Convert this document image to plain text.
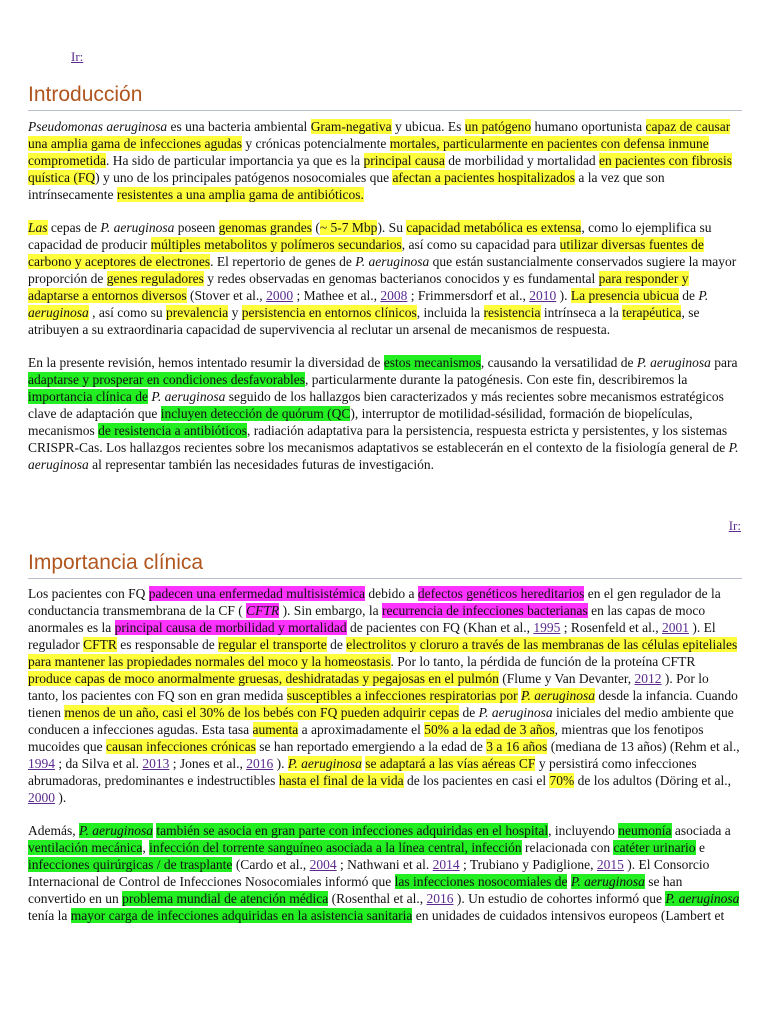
Ir:
Introducción

Pseudomonas aeruginosa es una bacteria ambiental Gram-negativa y ubicua. Es un patógeno humano oportunista capaz de causar una amplia gama de infecciones agudas y crónicas potencialmente mortales, particularmente en pacientes con defensa inmune comprometida. Ha sido de particular importancia ya que es la principal causa de morbilidad y mortalidad en pacientes con fibrosis quística (FQ) y uno de los principales patógenos nosocomiales que afectan a pacientes hospitalizados a la vez que son intrínsecamente resistentes a una amplia gama de antibióticos.

Las cepas de P. aeruginosa poseen genomas grandes (~ 5-7 Mbp). Su capacidad metabólica es extensa, como lo ejemplifica su capacidad de producir múltiples metabolitos y polímeros secundarios, así como su capacidad para utilizar diversas fuentes de carbono y aceptores de electrones. El repertorio de genes de P. aeruginosa que están sustancialmente conservados sugiere la mayor proporción de genes reguladores y redes observadas en genomas bacterianos conocidos y es fundamental para responder y adaptarse a entornos diversos (Stover et al., 2000 ; Mathee et al., 2008 ; Frimmersdorf et al., 2010 ). La presencia ubicua de P. aeruginosa , así como su prevalencia y persistencia en entornos clínicos, incluida la resistencia intrínseca a la terapéutica, se atribuyen a su extraordinaria capacidad de supervivencia al reclutar un arsenal de mecanismos de respuesta.

En la presente revisión, hemos intentado resumir la diversidad de estos mecanismos, causando la versatilidad de P. aeruginosa para adaptarse y prosperar en condiciones desfavorables, particularmente durante la patogénesis. Con este fin, describiremos la importancia clínica de P. aeruginosa seguido de los hallazgos bien caracterizados y más recientes sobre mecanismos estratégicos clave de adaptación que incluyen detección de quórum (QC), interruptor de motilidad-sésilidad, formación de biopelículas, mecanismos de resistencia a antibióticos, radiación adaptativa para la persistencia, respuesta estricta y persistentes, y los sistemas CRISPR-Cas. Los hallazgos recientes sobre los mecanismos adaptativos se establecerán en el contexto de la fisiología general de P. aeruginosa al representar también las necesidades futuras de investigación.

Ir:
Importancia clínica

Los pacientes con FQ padecen una enfermedad multisistémica debido a defectos genéticos hereditarios en el gen regulador de la conductancia transmembrana de la CF ( CFTR ). Sin embargo, la recurrencia de infecciones bacterianas en las capas de moco anormales es la principal causa de morbilidad y mortalidad de pacientes con FQ (Khan et al., 1995 ; Rosenfeld et al., 2001 ). El regulador CFTR es responsable de regular el transporte de electrolitos y cloruro a través de las membranas de las células epiteliales para mantener las propiedades normales del moco y la homeostasis. Por lo tanto, la pérdida de función de la proteína CFTR produce capas de moco anormalmente gruesas, deshidratadas y pegajosas en el pulmón (Flume y Van Devanter, 2012 ). Por lo tanto, los pacientes con FQ son en gran medida susceptibles a infecciones respiratorias por P. aeruginosa desde la infancia. Cuando tienen menos de un año, casi el 30% de los bebés con FQ pueden adquirir cepas de P. aeruginosa iniciales del medio ambiente que conducen a infecciones agudas. Esta tasa aumenta a aproximadamente el 50% a la edad de 3 años, mientras que los fenotipos mucoides que causan infecciones crónicas se han reportado emergiendo a la edad de 3 a 16 años (mediana de 13 años) (Rehm et al., 1994 ; da Silva et al. 2013 ; Jones et al., 2016 ). P. aeruginosa se adaptará a las vías aéreas CF y persistirá como infecciones abrumadoras, predominantes e indestructibles hasta el final de la vida de los pacientes en casi el 70% de los adultos (Döring et al., 2000 ).

Además, P. aeruginosa también se asocia en gran parte con infecciones adquiridas en el hospital, incluyendo neumonía asociada a ventilación mecánica, infección del torrente sanguíneo asociada a la línea central, infección relacionada con catéter urinario e infecciones quirúrgicas / de trasplante (Cardo et al., 2004 ; Nathwani et al. 2014 ; Trubiano y Padiglione, 2015 ). El Consorcio Internacional de Control de Infecciones Nosocomiales informó que las infecciones nosocomiales de P. aeruginosa se han convertido en un problema mundial de atención médica (Rosenthal et al., 2016 ). Un estudio de cohortes informó que P. aeruginosa tenía la mayor carga de infecciones adquiridas en la asistencia sanitaria en unidades de cuidados intensivos europeos (Lambert et
